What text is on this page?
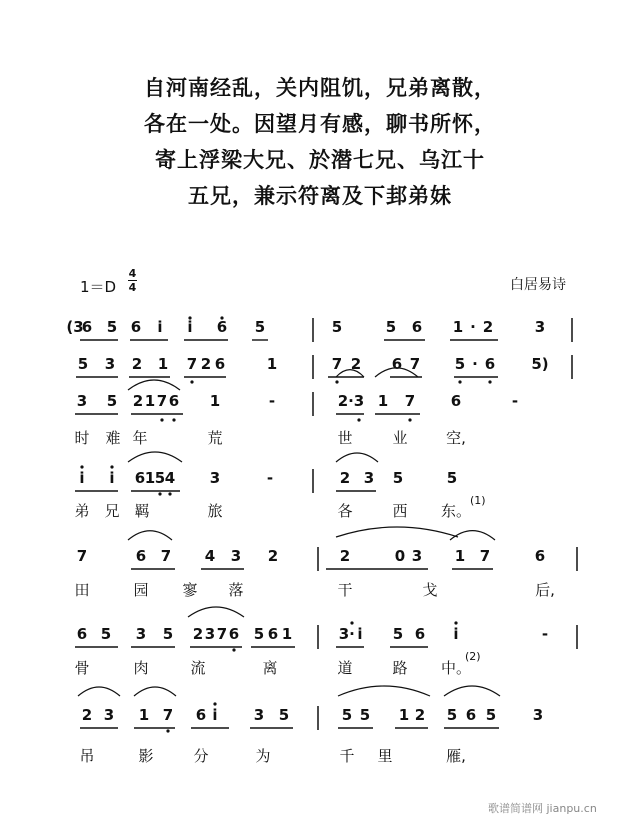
自河南经乱，关内阻饥，兄弟离散，
各在一处。因望月有感，聊书所怀，
寄上浮梁大兄、於潜七兄、乌江十
五兄，兼示符离及下邽弟妹
1＝D
4
4	白居易诗
(3
6 5 6 i i 6 5	5	5 6 1 · 2	3
5 3 2 1 7 2 6	1	7 2 6 7 5 · 6 5)
3 5 2 1 7 6 1	-	2 · 3 1 7 6	-
时 难 年	荒	世	业	空,
i i 6 1 5 4 3	-	2 3 5	5
弟 兄 羁	旅	各	西 东。
(1)
7	6 7 4 3 2	2	0 3 1 7	6
田	园 寥 落	干	戈	后,
6 5 3 5 2 3 7 6 5 6 1	3 · i 5 6 i	-
骨	肉	流	离	道	路 中。
(2)
2 3 1 7 6 i 3 5	5 5 1 2 5 6 5 3
吊	影	分	为	千 里	雁,
歌谱简谱网 jianpu.cn
